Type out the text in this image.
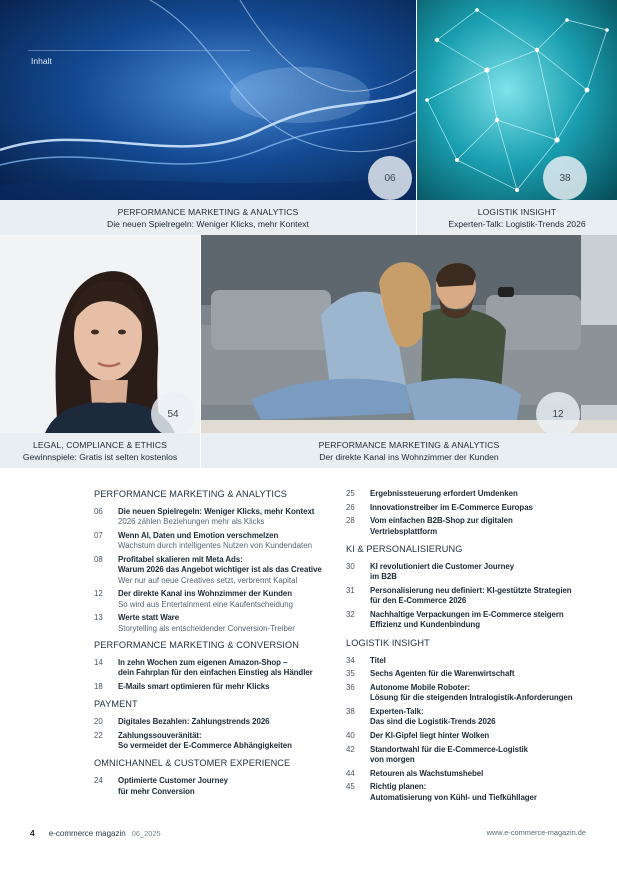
Inhalt
06	38
PERFORMANCE MARKETING & ANALYTICS
Die neuen Spielregeln: Weniger Klicks, mehr Kontext
LOGISTIK INSIGHT
Experten-Talk: Logistik-Trends 2026
54	12
LEGAL, COMPLIANCE & ETHICS
Gewinnspiele: Gratis ist selten kostenlos
PERFORMANCE MARKETING & ANALYTICS
Der direkte Kanal ins Wohnzimmer der Kunden
PERFORMANCE MARKETING & ANALYTICS
06	Die neuen Spielregeln: Weniger Klicks, mehr Kontext
2026 zählen Beziehungen mehr als Klicks
07	Wenn AI, Daten und Emotion verschmelzen
Wachstum durch intelligentes Nutzen von Kundendaten
08	Profitabel skalieren mit Meta Ads:
Warum 2026 das Angebot wichtiger ist als das Creative
Wer nur auf neue Creatives setzt, verbrennt Kapital
12	Der direkte Kanal ins Wohnzimmer der Kunden
So wird aus Entertainment eine Kaufentscheidung
13	Werte statt Ware
Storytelling als entscheidender Conversion-Treiber
PERFORMANCE MARKETING & CONVERSION
14	In zehn Wochen zum eigenen Amazon-Shop –
dein Fahrplan für den einfachen Einstieg als Händler
18	E-Mails smart optimieren für mehr Klicks
PAYMENT
20	Digitales Bezahlen: Zahlungstrends 2026
22	Zahlungssouveränität:
So vermeidet der E-Commerce Abhängigkeiten
OMNICHANNEL & CUSTOMER EXPERIENCE
24	Optimierte Customer Journey
für mehr Conversion
25	Ergebnissteuerung erfordert Umdenken
26	Innovationstreiber im E-Commerce Europas
28	Vom einfachen B2B-Shop zur digitalen
Vertriebsplattform
KI & PERSONALISIERUNG
30	KI revolutioniert die Customer Journey
im B2B
31	Personalisierung neu definiert: KI-gestützte Strategien
für den E-Commerce 2026
32	Nachhaltige Verpackungen im E-Commerce steigern
Effizienz und Kundenbindung
LOGISTIK INSIGHT
34	Titel
35	Sechs Agenten für die Warenwirtschaft
36	Autonome Mobile Roboter:
Lösung für die steigenden Intralogistik-Anforderungen
38	Experten-Talk:
Das sind die Logistik-Trends 2026
40	Der KI-Gipfel liegt hinter Wolken
42	Standortwahl für die E-Commerce-Logistik
von morgen
44	Retouren als Wachstumshebel
45	Richtig planen:
Automatisierung von Kühl- und Tiefkühllager
4 e-commerce magazin 06_2025	www.e-commerce-magazin.de
